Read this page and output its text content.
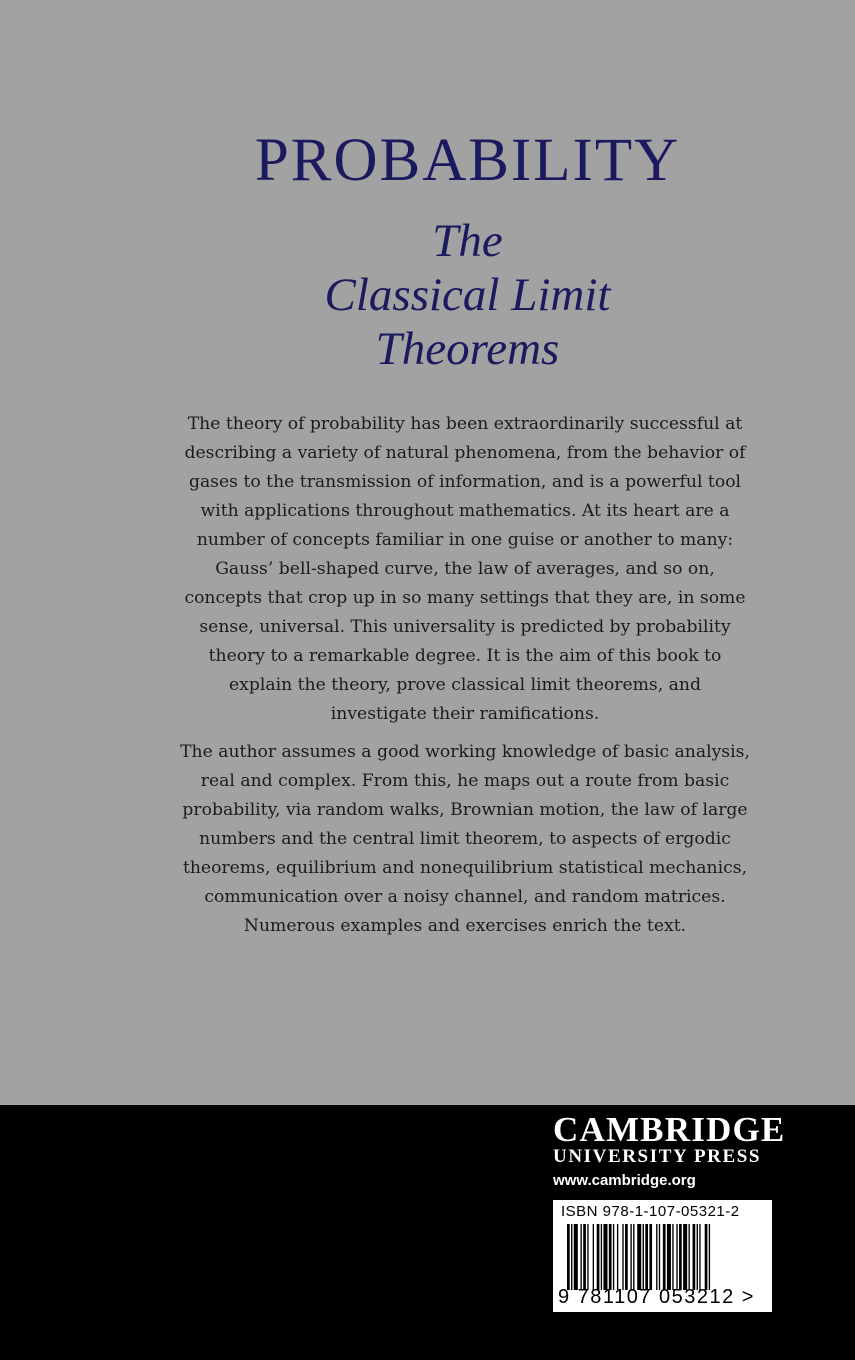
PROBABILITY
The
Classical Limit
Theorems

The theory of probability has been extraordinarily successful at describing a variety of natural phenomena, from the behavior of gases to the transmission of information, and is a powerful tool with applications throughout mathematics. At its heart are a number of concepts familiar in one guise or another to many: Gauss’ bell-shaped curve, the law of averages, and so on, concepts that crop up in so many settings that they are, in some sense, universal. This universality is predicted by probability theory to a remarkable degree. It is the aim of this book to explain the theory, prove classical limit theorems, and investigate their ramifications.

The author assumes a good working knowledge of basic analysis, real and complex. From this, he maps out a route from basic probability, via random walks, Brownian motion, the law of large numbers and the central limit theorem, to aspects of ergodic theorems, equilibrium and nonequilibrium statistical mechanics, communication over a noisy channel, and random matrices. Numerous examples and exercises enrich the text.

CAMBRIDGE
UNIVERSITY PRESS
www.cambridge.org
ISBN 978-1-107-05321-2
9 781107 053212 >
